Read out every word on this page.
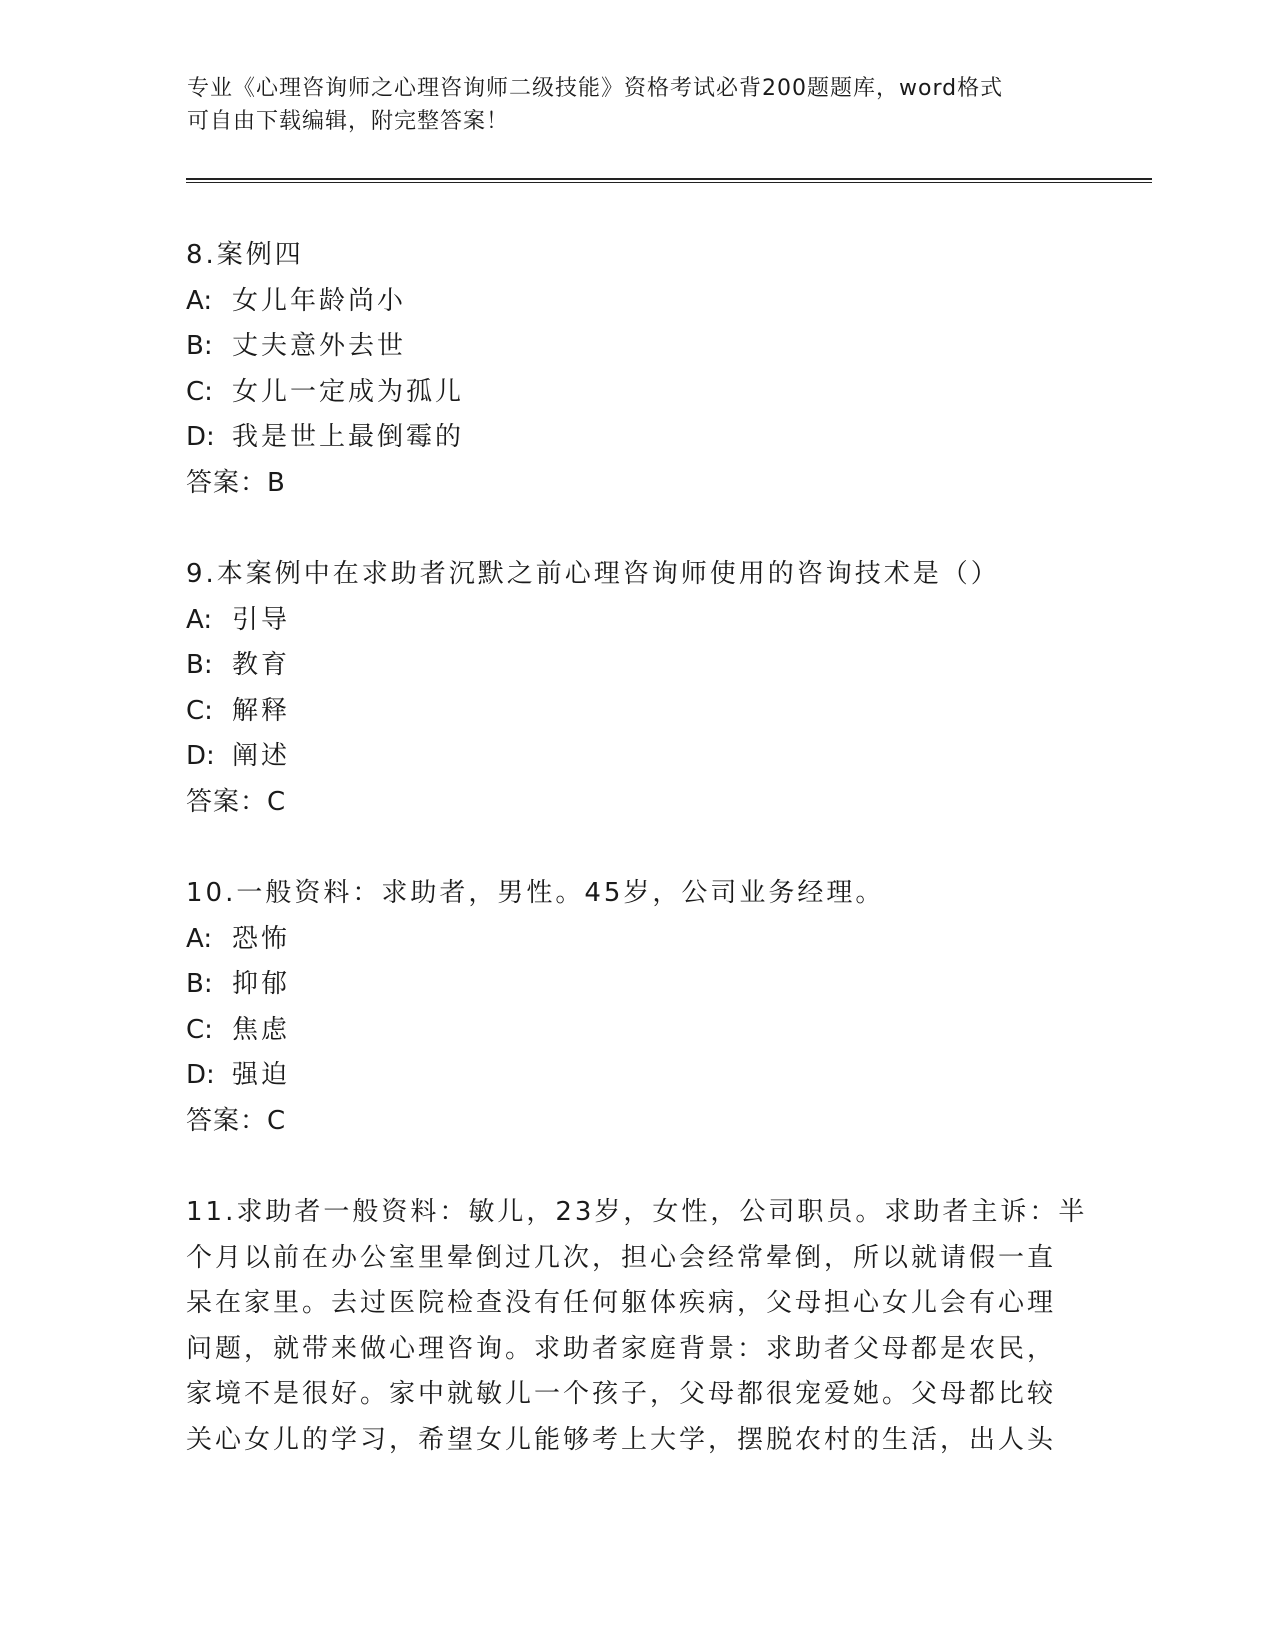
专业《心理咨询师之心理咨询师二级技能》资格考试必背200题题库，word格式
可自由下载编辑，附完整答案！
8.案例四
A: 女儿年龄尚小
B: 丈夫意外去世
C: 女儿一定成为孤儿
D: 我是世上最倒霉的
答案：B
9.本案例中在求助者沉默之前心理咨询师使用的咨询技术是（）
A: 引导
B: 教育
C: 解释
D: 阐述
答案：C
10.一般资料：求助者，男性。45岁，公司业务经理。
A: 恐怖
B: 抑郁
C: 焦虑
D: 强迫
答案：C
11.求助者一般资料：敏儿，23岁，女性，公司职员。求助者主诉：半
个月以前在办公室里晕倒过几次，担心会经常晕倒，所以就请假一直
呆在家里。去过医院检查没有任何躯体疾病，父母担心女儿会有心理
问题，就带来做心理咨询。求助者家庭背景：求助者父母都是农民，
家境不是很好。家中就敏儿一个孩子，父母都很宠爱她。父母都比较
关心女儿的学习，希望女儿能够考上大学，摆脱农村的生活，出人头
